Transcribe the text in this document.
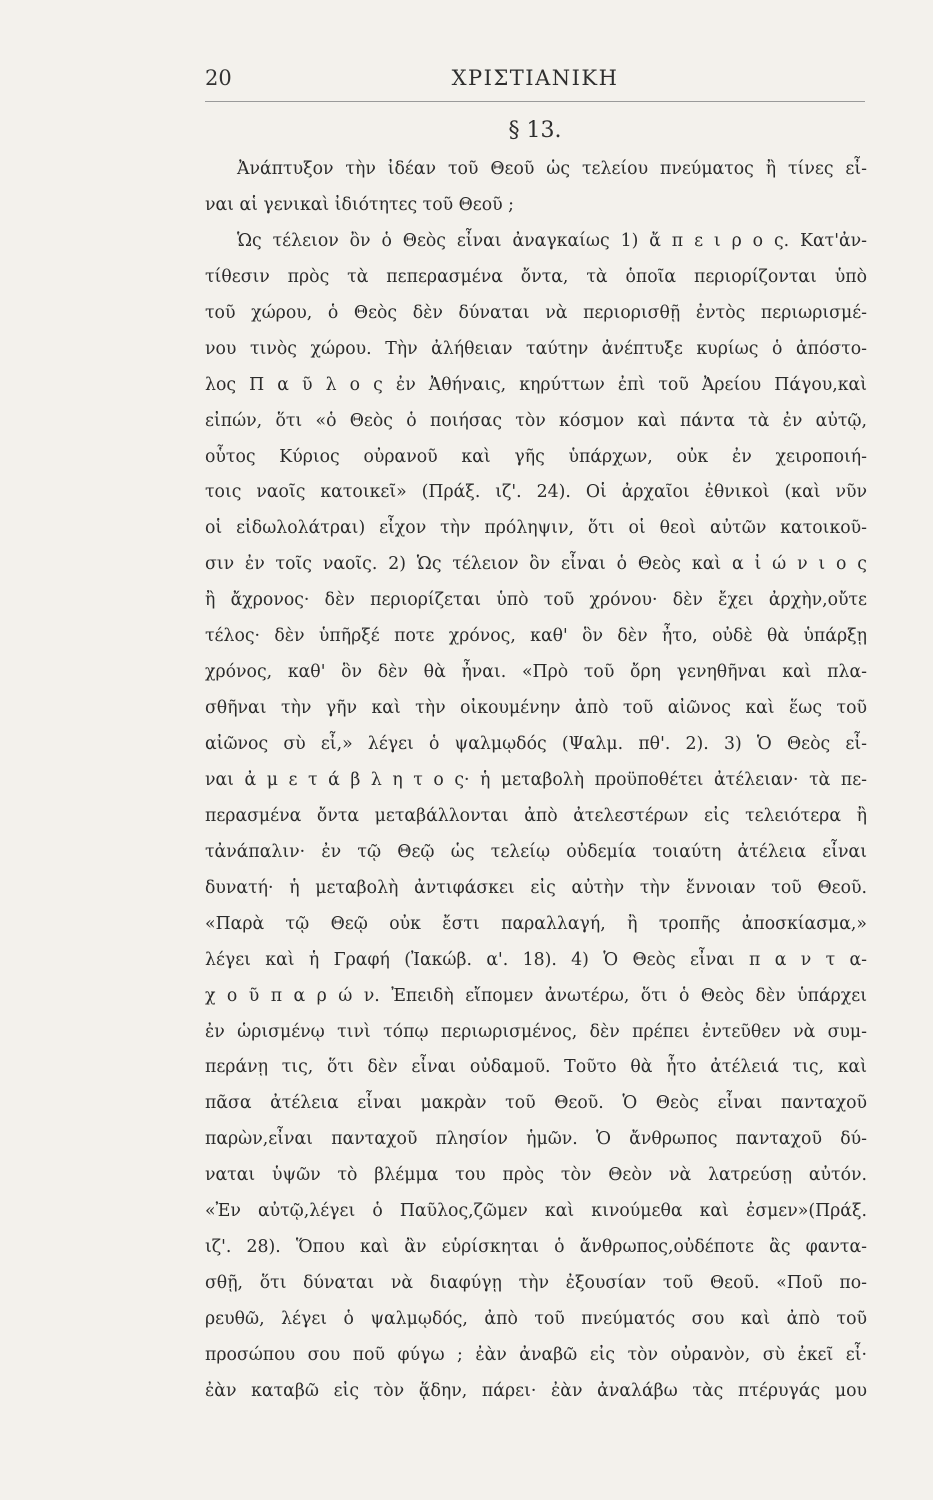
20	ΧΡΙΣΤΙΑΝΙΚΗ
§ 13.
Ἀνάπτυξον τὴν ἰδέαν τοῦ Θεοῦ ὡς τελείου πνεύματος ἢ τίνες εἶ-
ναι αἱ γενικαὶ ἰδιότητες τοῦ Θεοῦ ;
Ὡς τέλειον ὂν ὁ Θεὸς εἶναι ἀναγκαίως 1) ἄ π ε ι ρ ο ς. Κατ'ἀν-
τίθεσιν πρὸς τὰ πεπερασμένα ὄντα, τὰ ὁποῖα περιορίζονται ὑπὸ
τοῦ χώρου, ὁ Θεὸς δὲν δύναται νὰ περιορισθῇ ἐντὸς περιωρισμέ-
νου τινὸς χώρου. Τὴν ἀλήθειαν ταύτην ἀνέπτυξε κυρίως ὁ ἀπόστο-
λος Π α ῦ λ ο ς ἐν Ἀθήναις, κηρύττων ἐπὶ τοῦ Ἀρείου Πάγου,καὶ
εἰπών, ὅτι «ὁ Θεὸς ὁ ποιήσας τὸν κόσμον καὶ πάντα τὰ ἐν αὐτῷ,
οὗτος Κύριος οὐρανοῦ καὶ γῆς ὑπάρχων, οὐκ ἐν χειροποιή-
τοις ναοῖς κατοικεῖ» (Πράξ. ιζ'. 24). Οἱ ἀρχαῖοι ἐθνικοὶ (καὶ νῦν
οἱ εἰδωλολάτραι) εἶχον τὴν πρόληψιν, ὅτι οἱ θεοὶ αὐτῶν κατοικοῦ-
σιν ἐν τοῖς ναοῖς. 2) Ὡς τέλειον ὂν εἶναι ὁ Θεὸς καὶ α ἰ ώ ν ι ο ς
ἢ ἄχρονος· δὲν περιορίζεται ὑπὸ τοῦ χρόνου· δὲν ἔχει ἀρχὴν,οὔτε
τέλος· δὲν ὑπῆρξέ ποτε χρόνος, καθ' ὃν δὲν ἦτο, οὐδὲ θὰ ὑπάρξῃ
χρόνος, καθ' ὃν δὲν θὰ ἦναι. «Πρὸ τοῦ ὄρη γενηθῆναι καὶ πλα-
σθῆναι τὴν γῆν καὶ τὴν οἰκουμένην ἀπὸ τοῦ αἰῶνος καὶ ἕως τοῦ
αἰῶνος σὺ εἶ,» λέγει ὁ ψαλμῳδός (Ψαλμ. πθ'. 2). 3) Ὁ Θεὸς εἶ-
ναι ἀ μ ε τ ά β λ η τ ο ς· ἡ μεταβολὴ προϋποθέτει ἀτέλειαν· τὰ πε-
περασμένα ὄντα μεταβάλλονται ἀπὸ ἀτελεστέρων εἰς τελειότερα ἢ
τἀνάπαλιν· ἐν τῷ Θεῷ ὡς τελείῳ οὐδεμία τοιαύτη ἀτέλεια εἶναι
δυνατή· ἡ μεταβολὴ ἀντιφάσκει εἰς αὐτὴν τὴν ἔννοιαν τοῦ Θεοῦ.
«Παρὰ τῷ Θεῷ οὐκ ἔστι παραλλαγή, ἢ τροπῆς ἀποσκίασμα,»
λέγει καὶ ἡ Γραφή (Ἰακώβ. α'. 18). 4) Ὁ Θεὸς εἶναι π α ν τ α-
χ ο ῦ π α ρ ώ ν. Ἐπειδὴ εἴπομεν ἀνωτέρω, ὅτι ὁ Θεὸς δὲν ὑπάρχει
ἐν ὡρισμένῳ τινὶ τόπῳ περιωρισμένος, δὲν πρέπει ἐντεῦθεν νὰ συμ-
περάνῃ τις, ὅτι δὲν εἶναι οὐδαμοῦ. Τοῦτο θὰ ἦτο ἀτέλειά τις, καὶ
πᾶσα ἀτέλεια εἶναι μακρὰν τοῦ Θεοῦ. Ὁ Θεὸς εἶναι πανταχοῦ
παρὼν,εἶναι πανταχοῦ πλησίον ἡμῶν. Ὁ ἄνθρωπος πανταχοῦ δύ-
ναται ὑψῶν τὸ βλέμμα του πρὸς τὸν Θεὸν νὰ λατρεύσῃ αὐτόν.
«Ἐν αὐτῷ,λέγει ὁ Παῦλος,ζῶμεν καὶ κινούμεθα καὶ ἐσμεν»(Πράξ.
ιζ'. 28). Ὅπου καὶ ἂν εὑρίσκηται ὁ ἄνθρωπος,οὐδέποτε ἂς φαντα-
σθῇ, ὅτι δύναται νὰ διαφύγῃ τὴν ἐξουσίαν τοῦ Θεοῦ. «Ποῦ πο-
ρευθῶ, λέγει ὁ ψαλμῳδός, ἀπὸ τοῦ πνεύματός σου καὶ ἀπὸ τοῦ
προσώπου σου ποῦ φύγω ; ἐὰν ἀναβῶ εἰς τὸν οὐρανὸν, σὺ ἐκεῖ εἶ·
ἐὰν καταβῶ εἰς τὸν ᾅδην, πάρει· ἐὰν ἀναλάβω τὰς πτέρυγάς μου
